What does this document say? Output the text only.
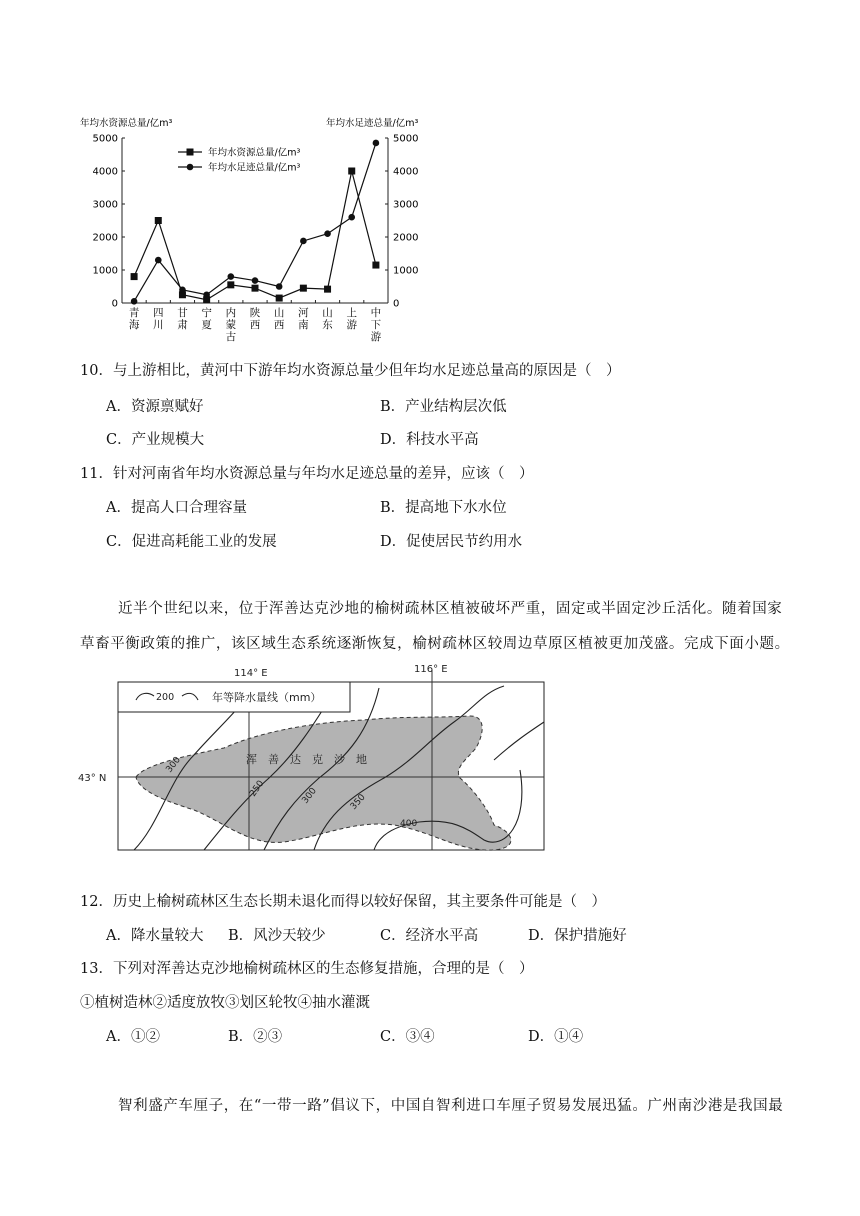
年均水资源总量/亿m³	年均水足迹总量/亿m³
0
1000
2000
3000
4000
5000
0
1000
2000
3000
4000
5000
青
海
四
川
甘
肃
宁
夏
内
蒙
古
陕
西
山
西
河
南
山
东
上
游
中
下
游
年均水资源总量/亿m³
年均水足迹总量/亿m³
10．与上游相比，黄河中下游年均水资源总量少但年均水足迹总量高的原因是（　）
A．资源禀赋好	B．产业结构层次低
C．产业规模大	D．科技水平高
11．针对河南省年均水资源总量与年均水足迹总量的差异，应该（　）
A．提高人口合理容量	B．提高地下水水位
C．促进高耗能工业的发展	D．促使居民节约用水
近半个世纪以来，位于浑善达克沙地的榆树疏林区植被破坏严重，固定或半固定沙丘活化。随着国家
草畜平衡政策的推广，该区域生态系统逐渐恢复，榆树疏林区较周边草原区植被更加茂盛。完成下面小题。
300
250	300	350
400
浑　善　达　克　沙　地
200	年等降水量线（mm）
114° E	116° E
43° N
12．历史上榆树疏林区生态长期未退化而得以较好保留，其主要条件可能是（　）
A．降水量较大 B．风沙天较少	C．经济水平高	D．保护措施好
13．下列对浑善达克沙地榆树疏林区的生态修复措施，合理的是（　）
①植树造林②适度放牧③划区轮牧④抽水灌溉
A．①②	B．②③	C．③④	D．①④
智利盛产车厘子，在“一带一路”倡议下，中国自智利进口车厘子贸易发展迅猛。广州南沙港是我国最
